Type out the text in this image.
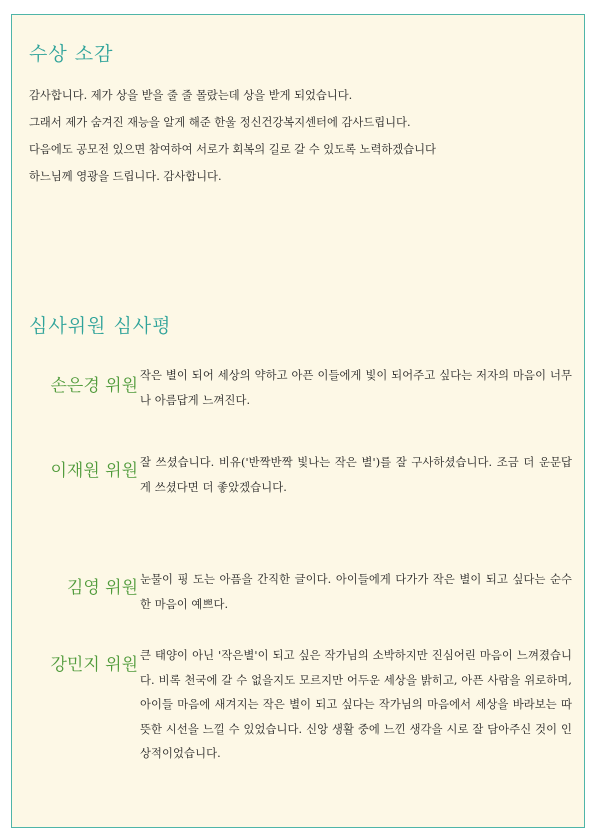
수상 소감
감사합니다. 제가 상을 받을 줄 줄 몰랐는데 상을 받게 되었습니다.
그래서 제가 숨겨진 재능을 알게 해준 한울 정신건강복지센터에 감사드립니다.
다음에도 공모전 있으면 참여하여 서로가 회복의 길로 갈 수 있도록 노력하겠습니다
하느님께 영광을 드립니다. 감사합니다.
심사위원 심사평
손은경 위원

작은 별이 되어 세상의 약하고 아픈 이들에게 빛이 되어주고 싶다는 저자의 마음이 너무나 아름답게 느껴진다.

이재원 위원 잘 쓰셨습니다. 비유('반짝반짝 빛나는 작은 별')를 잘 구사하셨습니다. 조금 더 운문답게 쓰셨다면 더 좋았겠습니다.

김영 위원 눈물이 핑 도는 아픔을 간직한 글이다. 아이들에게 다가가 작은 별이 되고 싶다는 순수한 마음이 예쁘다.

강민지 위원 큰 태양이 아닌 '작은별'이 되고 싶은 작가님의 소박하지만 진심어린 마음이 느껴졌습니다. 비록 천국에 갈 수 없을지도 모르지만 어두운 세상을 밝히고, 아픈 사람을 위로하며, 아이들 마음에 새겨지는 작은 별이 되고 싶다는 작가님의 마음에서 세상을 바라보는 따뜻한 시선을 느낄 수 있었습니다. 신앙 생활 중에 느낀 생각을 시로 잘 담아주신 것이 인상적이었습니다.
